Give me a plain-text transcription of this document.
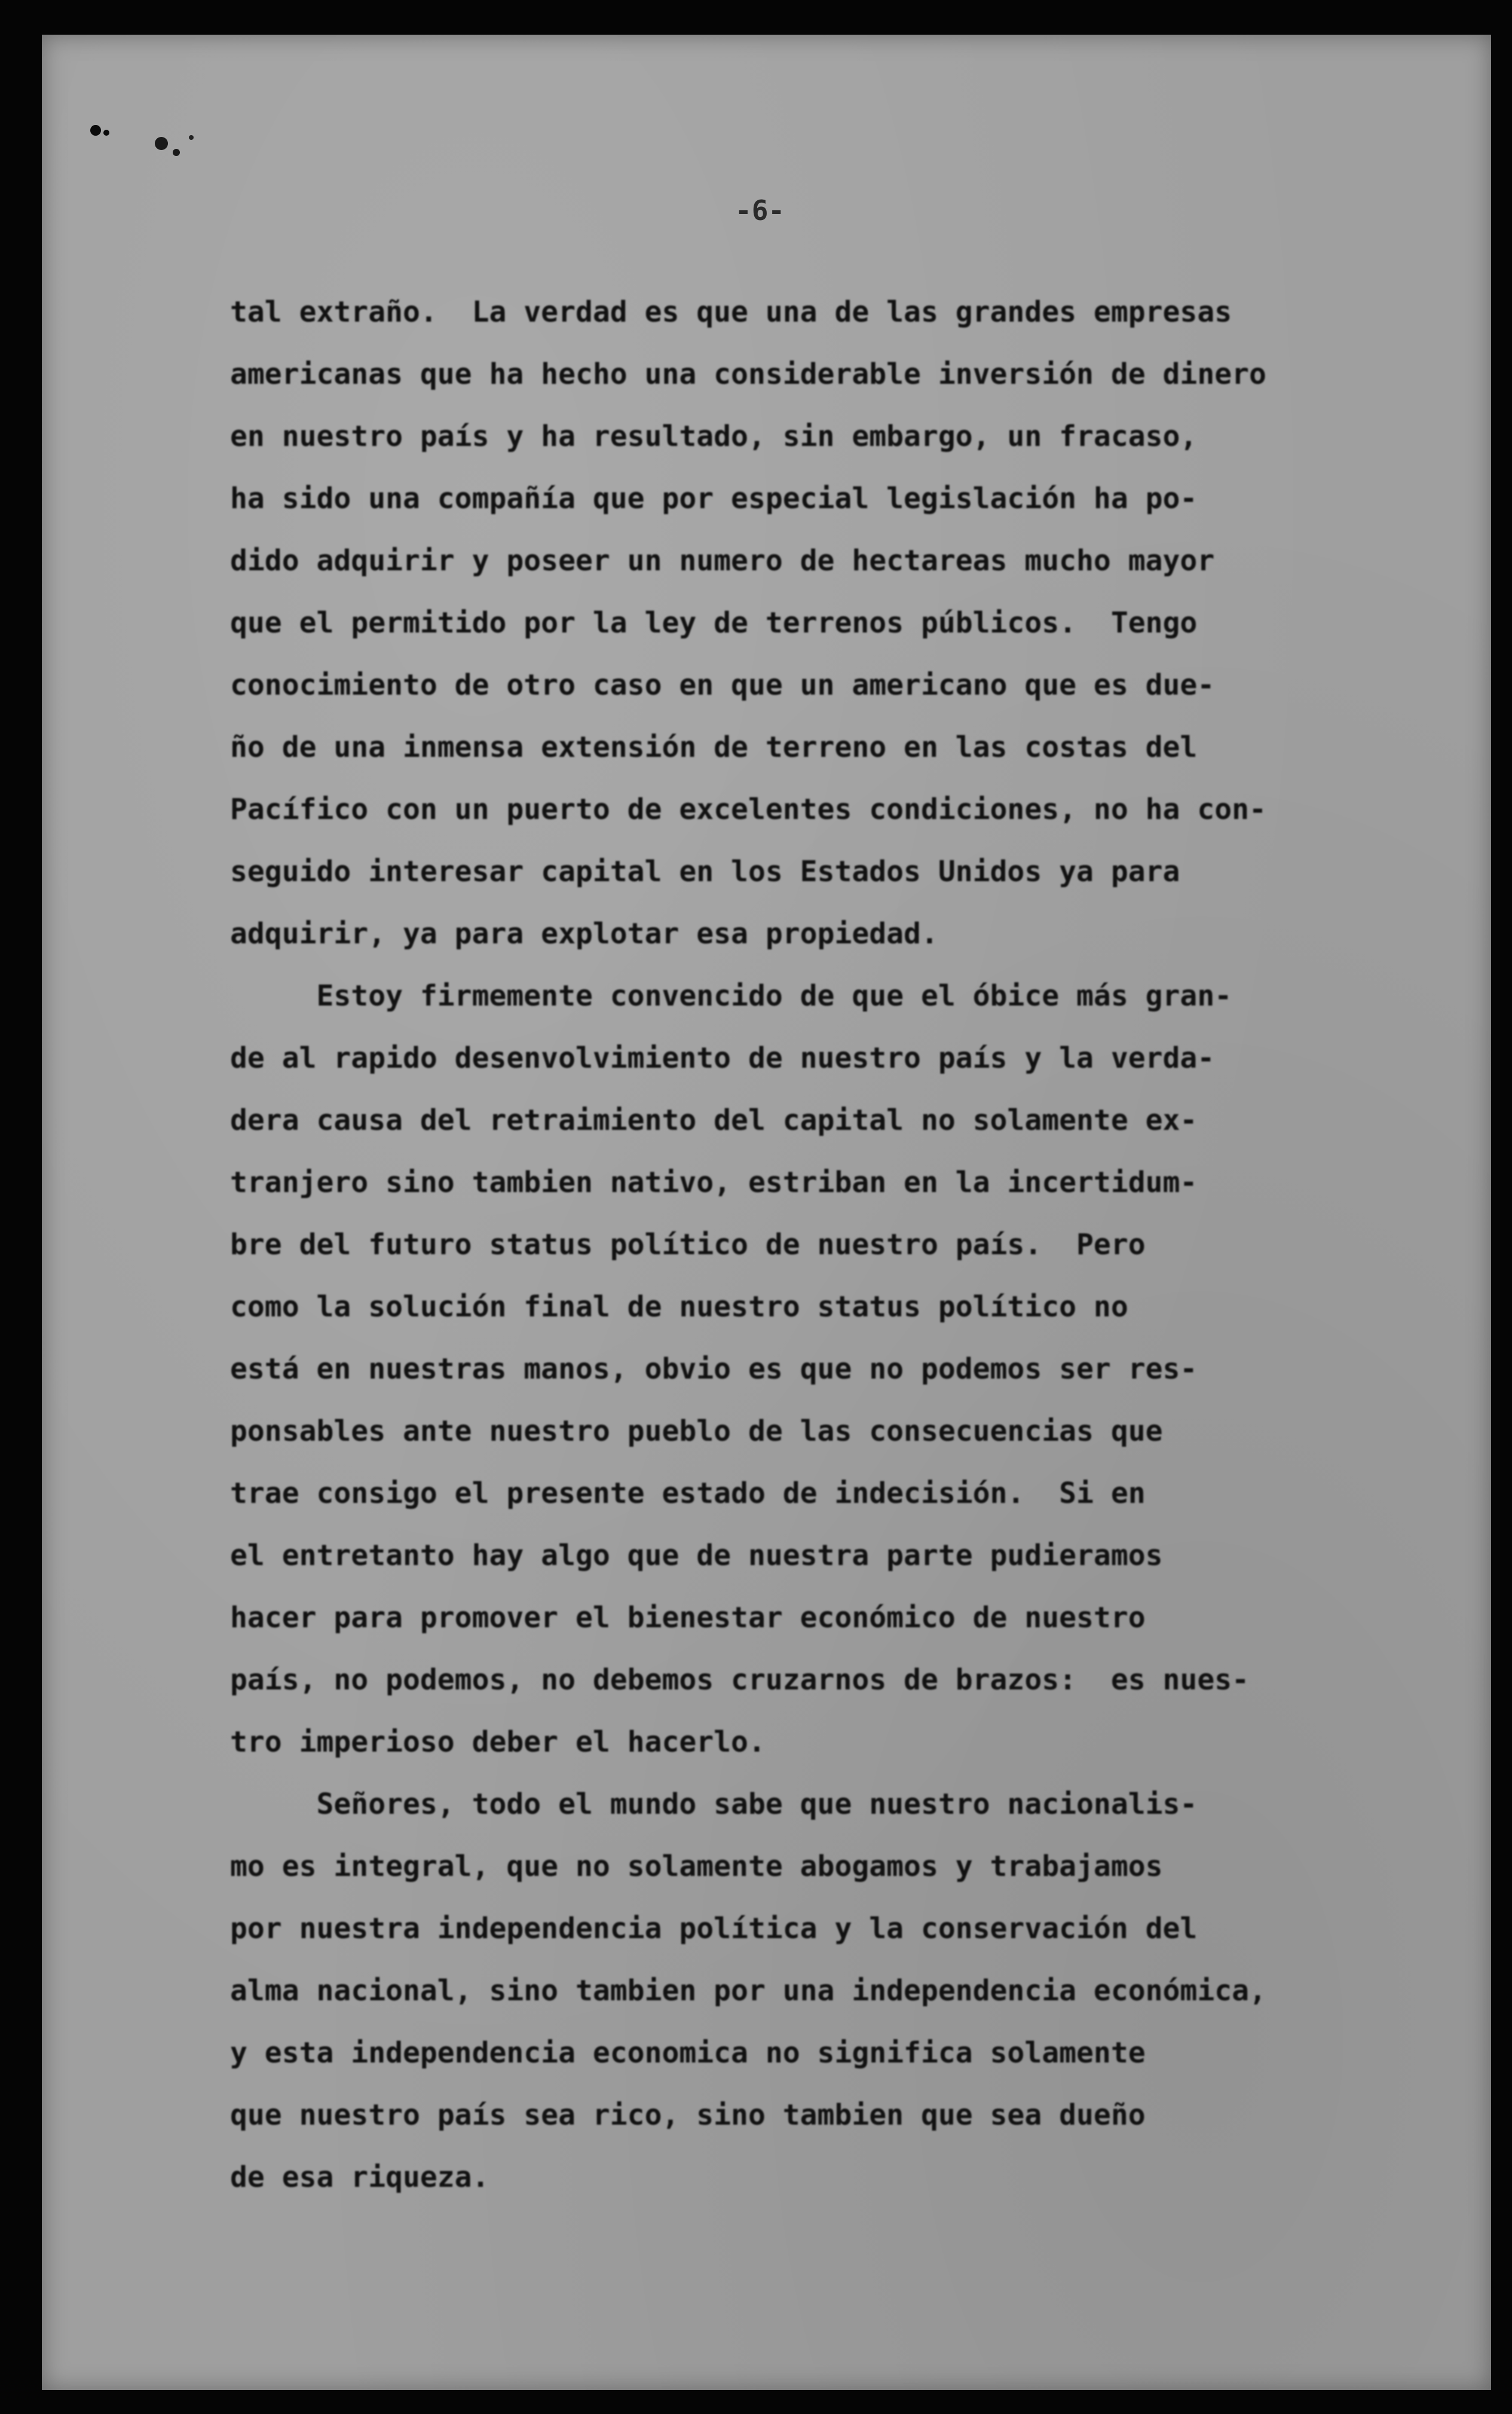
-6-
tal extraño.  La verdad es que una de las grandes empresas
americanas que ha hecho una considerable inversión de dinero
en nuestro país y ha resultado, sin embargo, un fracaso,
ha sido una compañía que por especial legislación ha po-
dido adquirir y poseer un numero de hectareas mucho mayor
que el permitido por la ley de terrenos públicos.  Tengo
conocimiento de otro caso en que un americano que es due-
ño de una inmensa extensión de terreno en las costas del
Pacífico con un puerto de excelentes condiciones, no ha con-
seguido interesar capital en los Estados Unidos ya para
adquirir, ya para explotar esa propiedad.
Estoy firmemente convencido de que el óbice más gran-
de al rapido desenvolvimiento de nuestro país y la verda-
dera causa del retraimiento del capital no solamente ex-
tranjero sino tambien nativo, estriban en la incertidum-
bre del futuro status político de nuestro país.  Pero
como la solución final de nuestro status político no
está en nuestras manos, obvio es que no podemos ser res-
ponsables ante nuestro pueblo de las consecuencias que
trae consigo el presente estado de indecisión.  Si en
el entretanto hay algo que de nuestra parte pudieramos
hacer para promover el bienestar económico de nuestro
país, no podemos, no debemos cruzarnos de brazos:  es nues-
tro imperioso deber el hacerlo.
Señores, todo el mundo sabe que nuestro nacionalis-
mo es integral, que no solamente abogamos y trabajamos
por nuestra independencia política y la conservación del
alma nacional, sino tambien por una independencia económica,
y esta independencia economica no significa solamente
que nuestro país sea rico, sino tambien que sea dueño
de esa riqueza.
